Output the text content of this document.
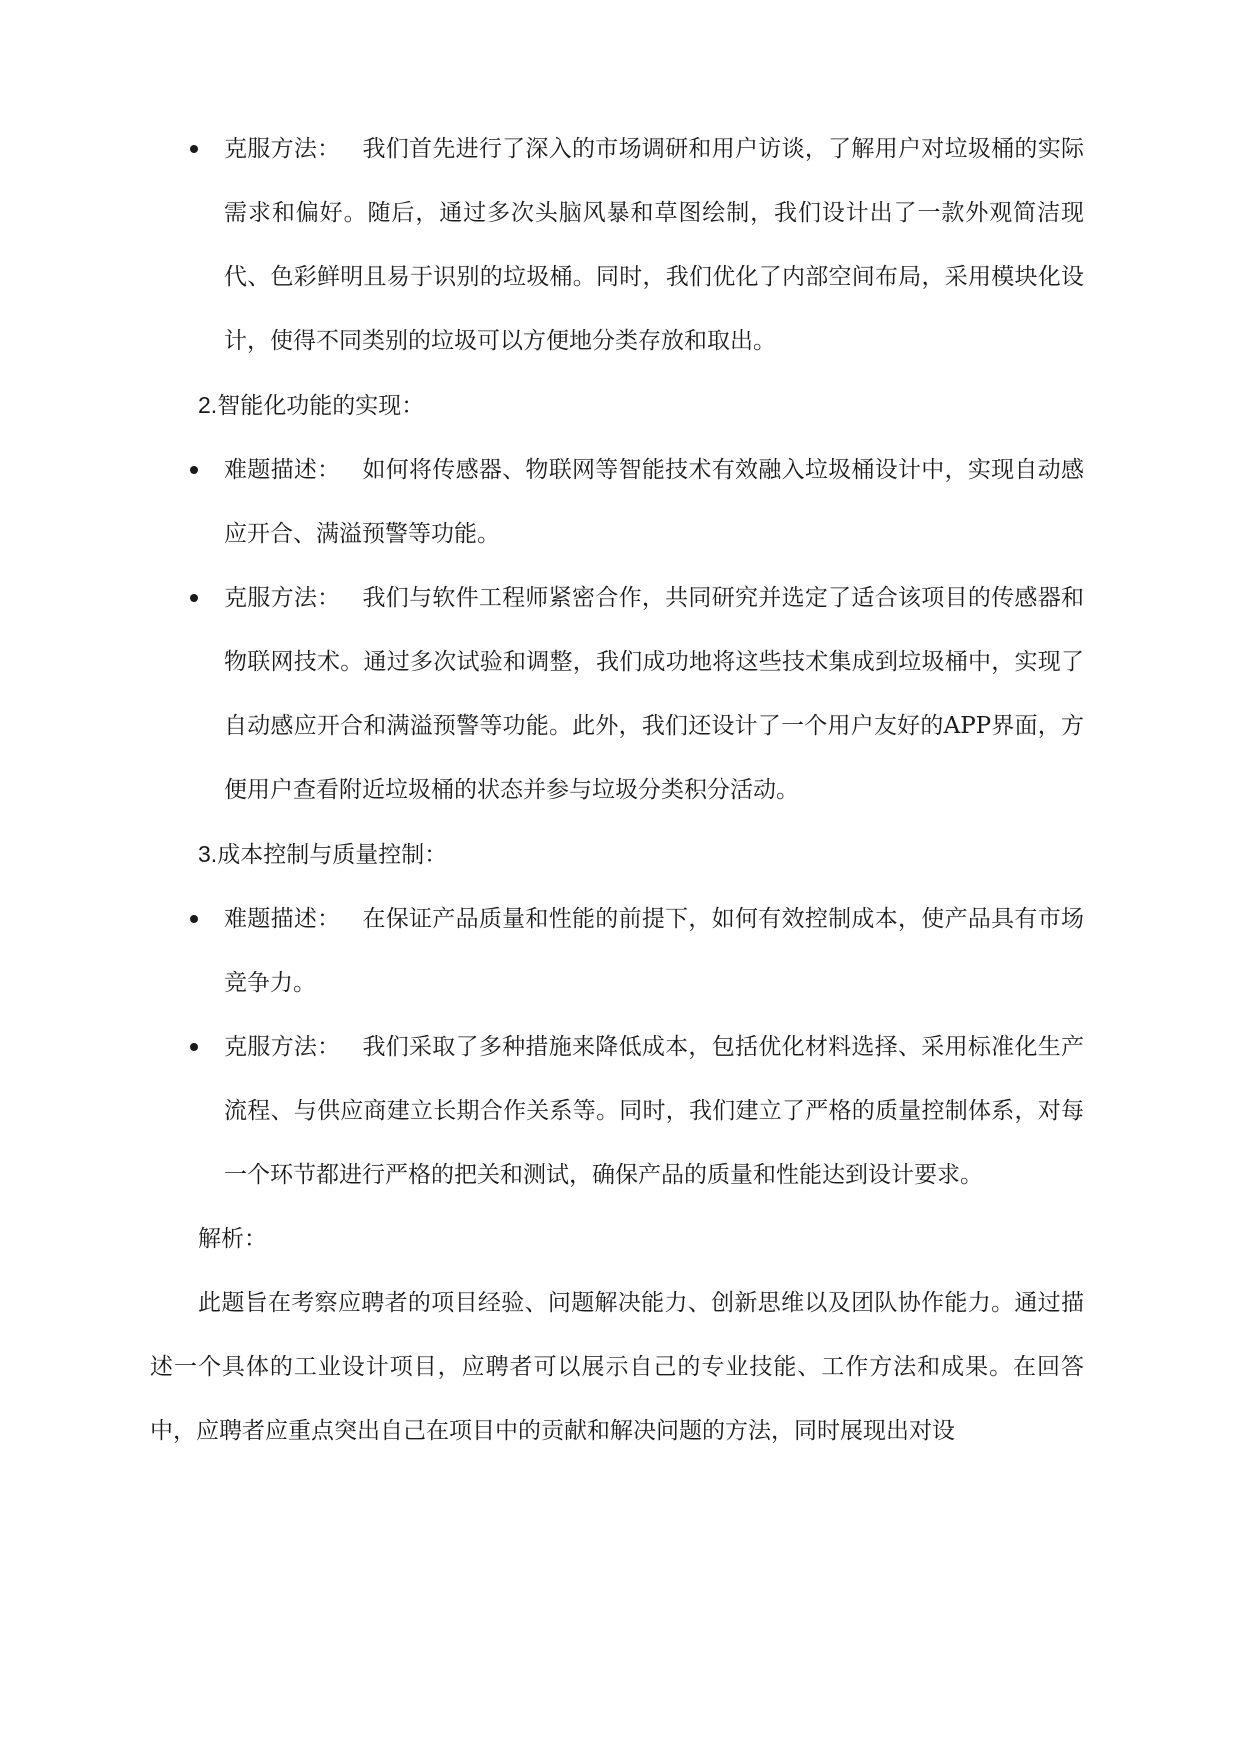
克服方法： 我们首先进行了深入的市场调研和用户访谈，了解用户对垃圾桶的实际需求和偏好。随后，通过多次头脑风暴和草图绘制，我们设计出了一款外观简洁现代、色彩鲜明且易于识别的垃圾桶。同时，我们优化了内部空间布局，采用模块化设计，使得不同类别的垃圾可以方便地分类存放和取出。
2.智能化功能的实现：
难题描述： 如何将传感器、物联网等智能技术有效融入垃圾桶设计中，实现自动感应开合、满溢预警等功能。
克服方法： 我们与软件工程师紧密合作，共同研究并选定了适合该项目的传感器和物联网技术。通过多次试验和调整，我们成功地将这些技术集成到垃圾桶中，实现了自动感应开合和满溢预警等功能。此外，我们还设计了一个用户友好的APP界面，方便用户查看附近垃圾桶的状态并参与垃圾分类积分活动。
3.成本控制与质量控制：
难题描述： 在保证产品质量和性能的前提下，如何有效控制成本，使产品具有市场竞争力。
克服方法： 我们采取了多种措施来降低成本，包括优化材料选择、采用标准化生产流程、与供应商建立长期合作关系等。同时，我们建立了严格的质量控制体系，对每一个环节都进行严格的把关和测试，确保产品的质量和性能达到设计要求。
解析：
此题旨在考察应聘者的项目经验、问题解决能力、创新思维以及团队协作能力。通过描述一个具体的工业设计项目，应聘者可以展示自己的专业技能、工作方法和成果。在回答中，应聘者应重点突出自己在项目中的贡献和解决问题的方法，同时展现出对设
